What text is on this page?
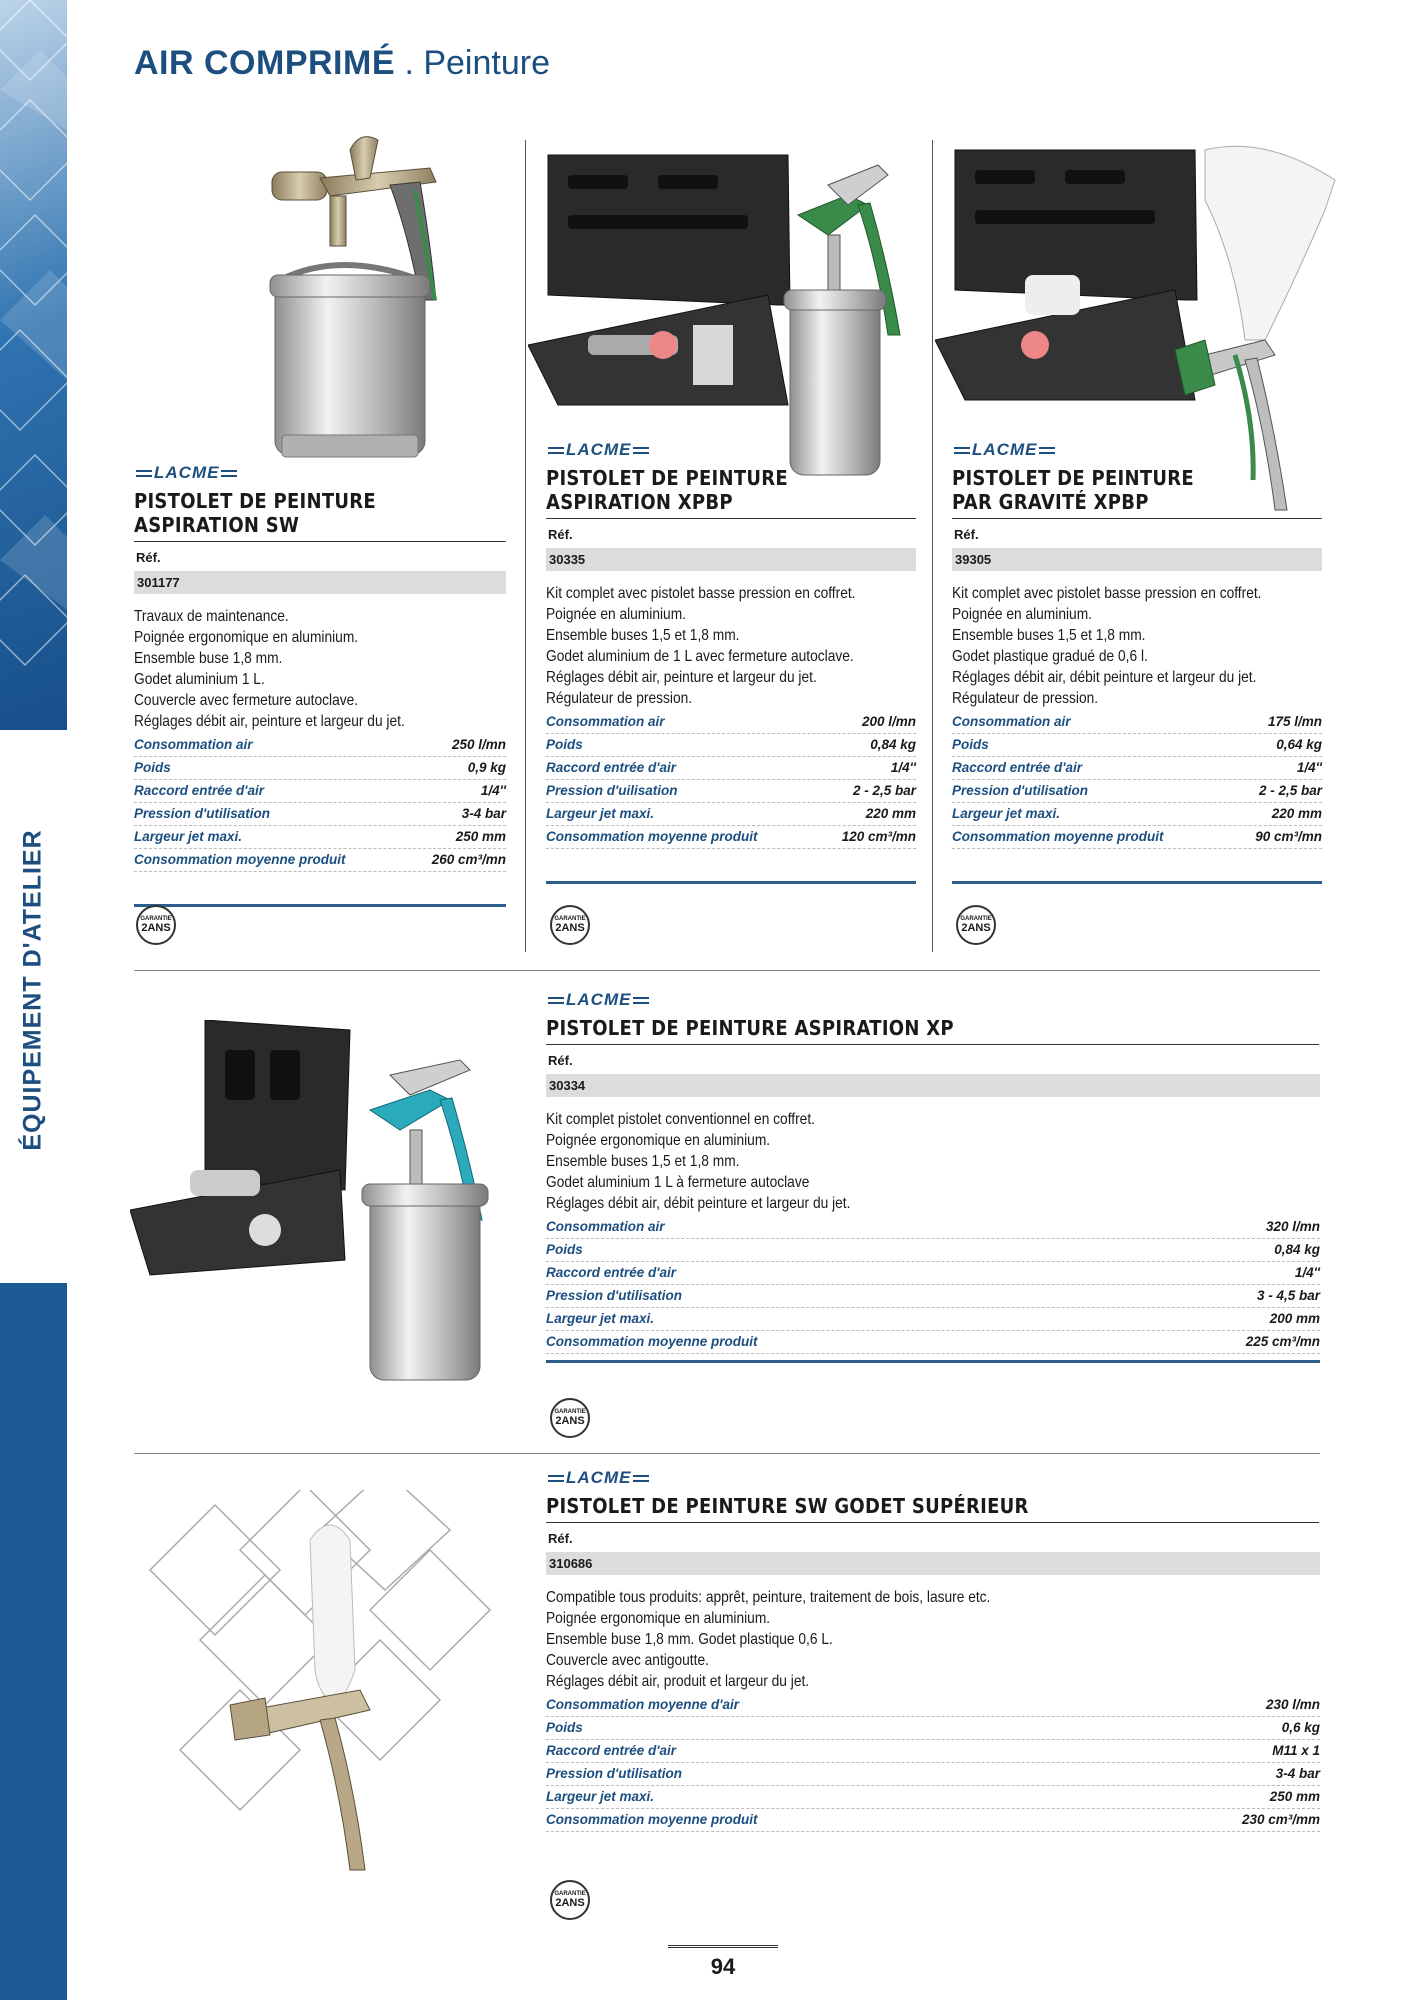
ÉQUIPEMENT D'ATELIER
AIR COMPRIMÉ . Peinture
LACME
PISTOLET DE PEINTURE ASPIRATION SW
Réf.
301177
Travaux de maintenance.
Poignée ergonomique en aluminium.
Ensemble buse 1,8 mm.
Godet aluminium 1 L.
Couvercle avec fermeture autoclave.
Réglages débit air, peinture et largeur du jet.
Consommation air	250 l/mn
Poids	0,9 kg
Raccord entrée d'air	1/4''
Pression d'utilisation	3-4 bar
Largeur jet maxi.	250 mm
Consommation moyenne produit	260 cm³/mn
GARANTIE
2ANS
LACME
PISTOLET DE PEINTURE
ASPIRATION XPBP
Réf.
30335
Kit complet avec pistolet basse pression en coffret.
Poignée en aluminium.
Ensemble buses 1,5 et 1,8 mm.
Godet aluminium de 1 L avec fermeture autoclave.
Réglages débit air, peinture et largeur du jet.
Régulateur de pression.
Consommation air	200 l/mn
Poids	0,84 kg
Raccord entrée d'air	1/4''
Pression d'uilisation	2 - 2,5 bar
Largeur jet maxi.	220 mm
Consommation moyenne produit	120 cm³/mn
GARANTIE
2ANS
LACME
PISTOLET DE PEINTURE
PAR GRAVITÉ XPBP
Réf.
39305
Kit complet avec pistolet basse pression en coffret.
Poignée en aluminium.
Ensemble buses 1,5 et 1,8 mm.
Godet plastique gradué de 0,6 l.
Réglages débit air, débit peinture et largeur du jet.
Régulateur de pression.
Consommation air	175 l/mn
Poids	0,64 kg
Raccord entrée d'air	1/4''
Pression d'utilisation	2 - 2,5 bar
Largeur jet maxi.	220 mm
Consommation moyenne produit	90 cm³/mn
GARANTIE
2ANS
LACME
PISTOLET DE PEINTURE ASPIRATION XP
Réf.
30334
Kit complet pistolet conventionnel en coffret.
Poignée ergonomique en aluminium.
Ensemble buses 1,5 et 1,8 mm.
Godet aluminium 1 L à fermeture autoclave
Réglages débit air, débit peinture et largeur du jet.
Consommation air	320 l/mn
Poids	0,84 kg
Raccord entrée d'air	1/4''
Pression d'utilisation	3 - 4,5 bar
Largeur jet maxi.	200 mm
Consommation moyenne produit	225 cm³/mn
GARANTIE
2ANS
LACME
PISTOLET DE PEINTURE SW GODET SUPÉRIEUR
Réf.
310686
Compatible tous produits: apprêt, peinture, traitement de bois, lasure etc.
Poignée ergonomique en aluminium.
Ensemble buse 1,8 mm. Godet plastique 0,6 L.
Couvercle avec antigoutte.
Réglages débit air, produit et largeur du jet.
Consommation moyenne d'air	230 l/mn
Poids	0,6 kg
Raccord entrée d'air	M11 x 1
Pression d'utilisation	3-4 bar
Largeur jet maxi.	250 mm
Consommation moyenne produit	230 cm³/mm
GARANTIE
2ANS
94
